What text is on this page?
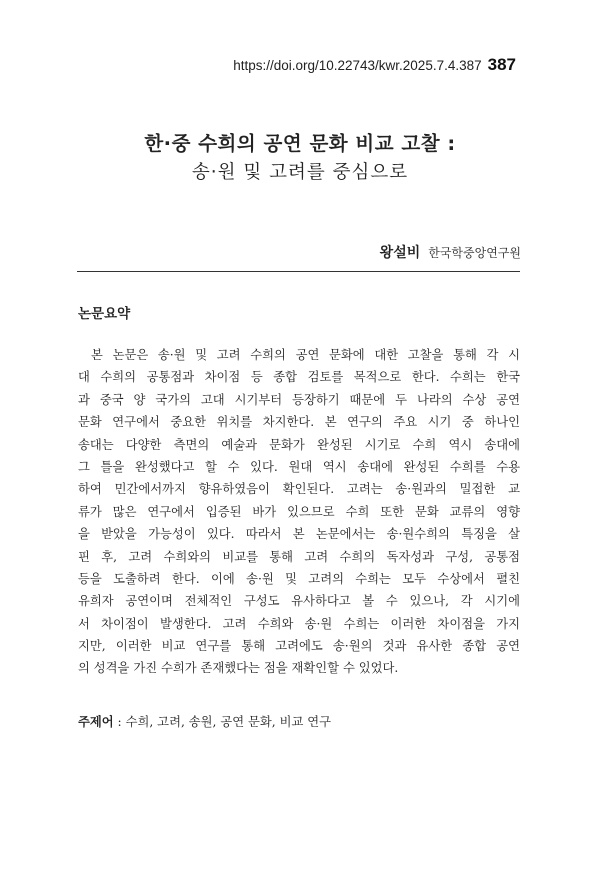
https://doi.org/10.22743/kwr.2025.7.4.387 387
한·중 수희의 공연 문화 비교 고찰 :
송·원 및 고려를 중심으로
왕설비 한국학중앙연구원
논문요약
본 논문은 송·원 및 고려 수희의 공연 문화에 대한 고찰을 통해 각 시
대 수희의 공통점과 차이점 등 종합 검토를 목적으로 한다. 수희는 한국
과 중국 양 국가의 고대 시기부터 등장하기 때문에 두 나라의 수상 공연
문화 연구에서 중요한 위치를 차지한다. 본 연구의 주요 시기 중 하나인
송대는 다양한 측면의 예술과 문화가 완성된 시기로 수희 역시 송대에
그 틀을 완성했다고 할 수 있다. 원대 역시 송대에 완성된 수희를 수용
하여 민간에서까지 향유하였음이 확인된다. 고려는 송·원과의 밀접한 교
류가 많은 연구에서 입증된 바가 있으므로 수희 또한 문화 교류의 영향
을 받았을 가능성이 있다. 따라서 본 논문에서는 송·원수희의 특징을 살
핀 후, 고려 수희와의 비교를 통해 고려 수희의 독자성과 구성, 공통점
등을 도출하려 한다. 이에 송·원 및 고려의 수희는 모두 수상에서 펼친
유희자 공연이며 전체적인 구성도 유사하다고 볼 수 있으나, 각 시기에
서 차이점이 발생한다. 고려 수희와 송·원 수희는 이러한 차이점을 가지
지만, 이러한 비교 연구를 통해 고려에도 송·원의 것과 유사한 종합 공연
의 성격을 가진 수희가 존재했다는 점을 재확인할 수 있었다.
주제어 : 수희, 고려, 송원, 공연 문화, 비교 연구
